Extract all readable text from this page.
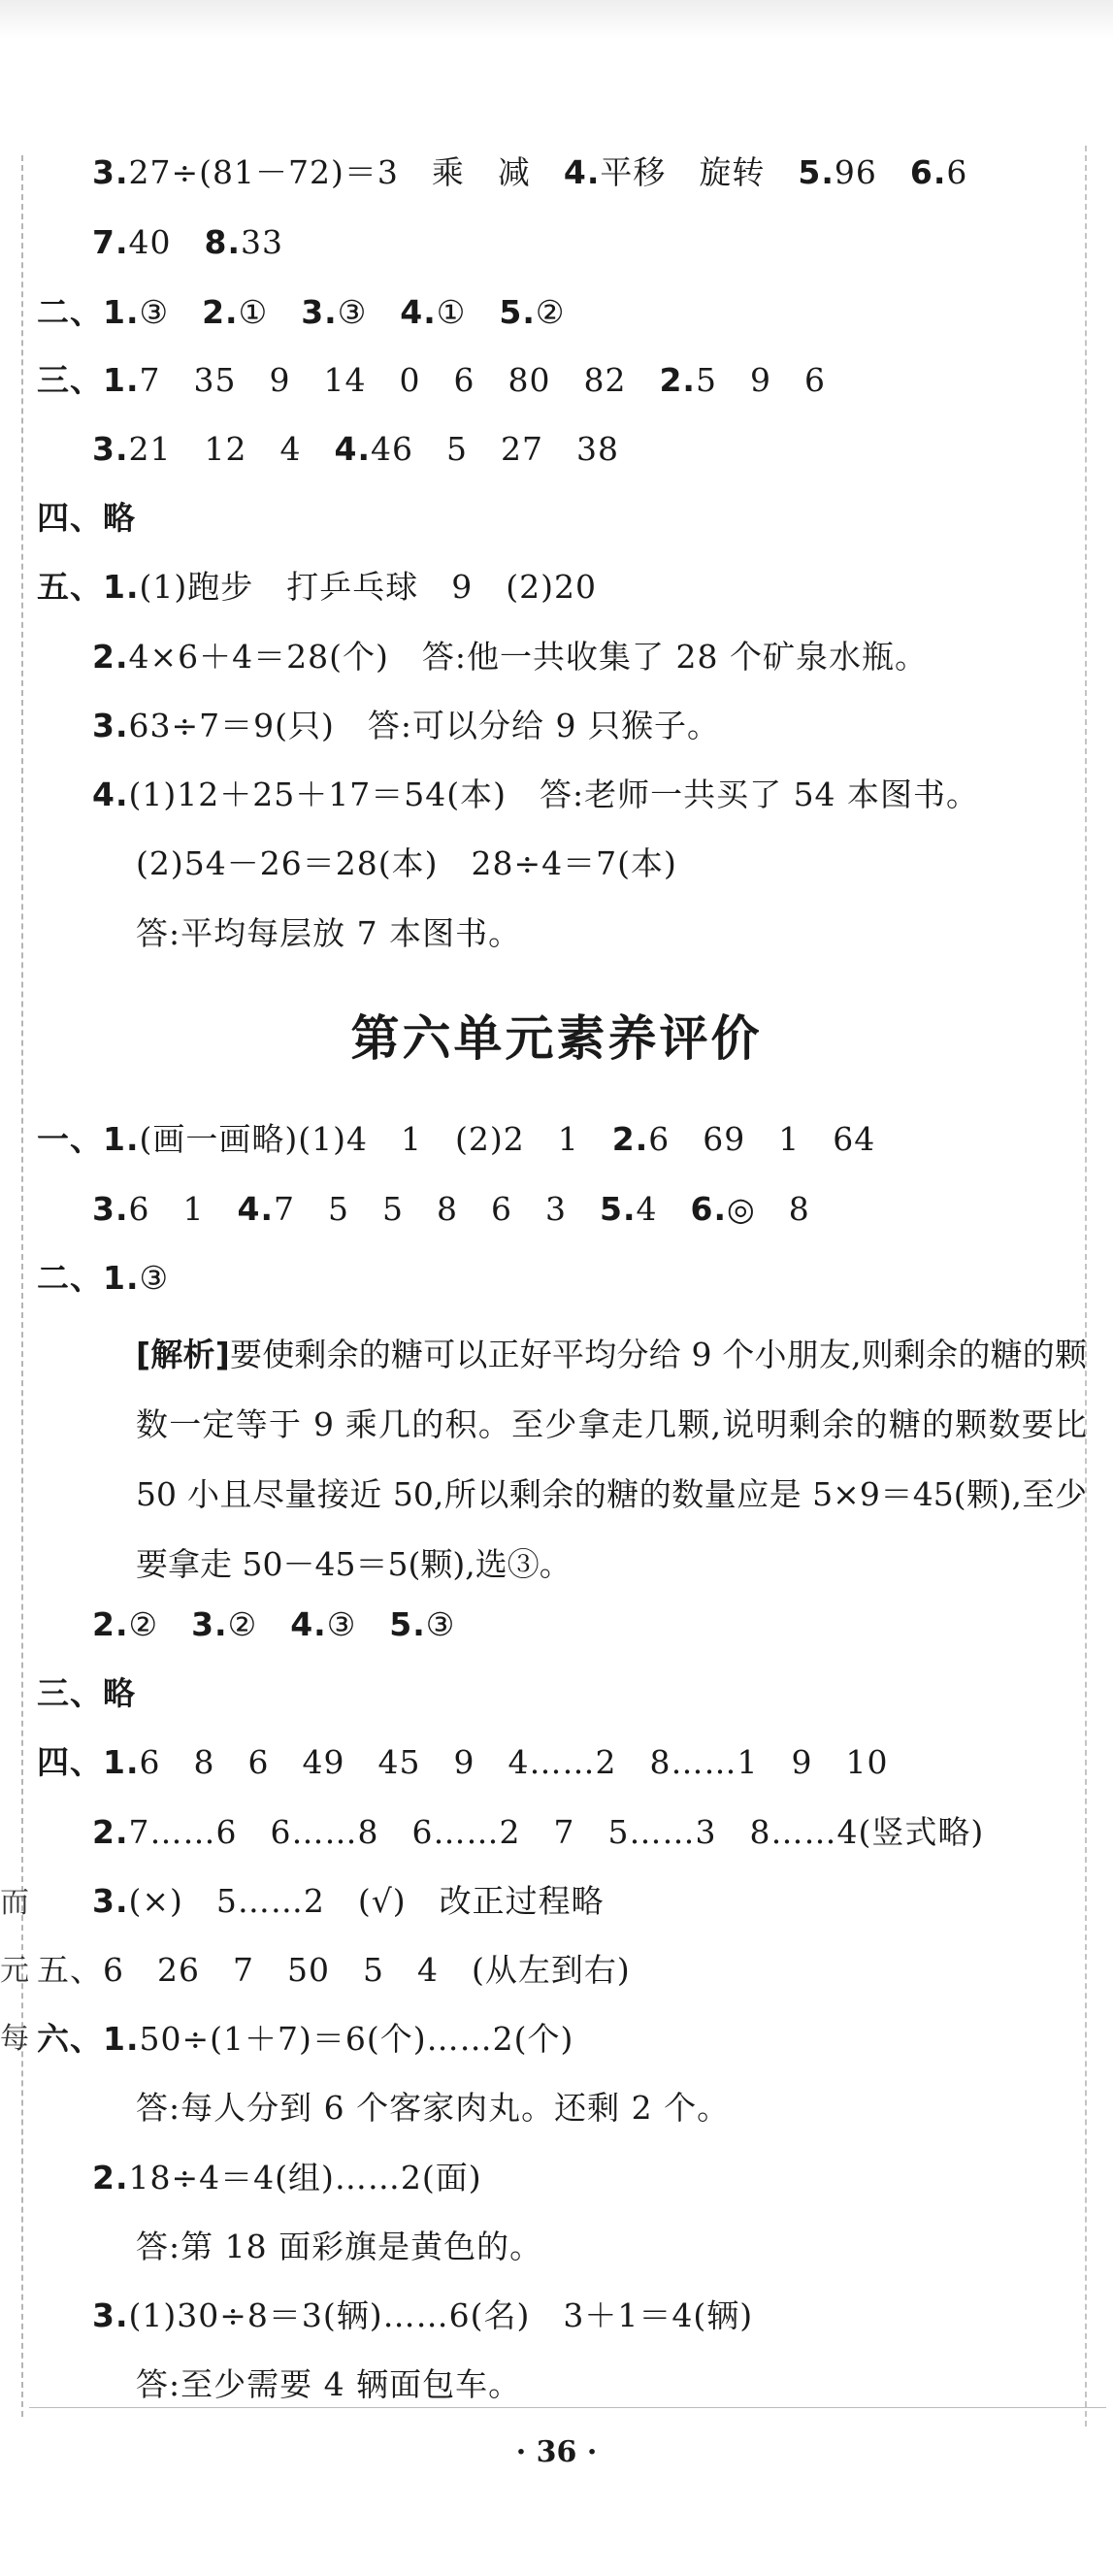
而
元
每
3.27÷(81－72)＝3　乘　减　4.平移　旋转　5.96　6.6
7.40　8.33
二、1.③　2.①　3.③　4.①　5.②
三、1.7　35　9　14　0　6　80　82　2.5　9　6
3.21　12　4　4.46　5　27　38
四、略
五、1.(1)跑步　打乒乓球　9　(2)20
2.4×6＋4＝28(个)　答:他一共收集了 28 个矿泉水瓶。
3.63÷7＝9(只)　答:可以分给 9 只猴子。
4.(1)12＋25＋17＝54(本)　答:老师一共买了 54 本图书。
(2)54－26＝28(本)　28÷4＝7(本)
答:平均每层放 7 本图书。
第六单元素养评价
一、1.(画一画略)(1)4　1　(2)2　1　2.6　69　1　64
3.6　1　4.7　5　5　8　6　3　5.4　6.◎　8
二、1.③
[解析]要使剩余的糖可以正好平均分给 9 个小朋友,则剩余的糖的颗数一定等于 9 乘几的积。至少拿走几颗,说明剩余的糖的颗数要比 50 小且尽量接近 50,所以剩余的糖的数量应是 5×9＝45(颗),至少要拿走 50－45＝5(颗),选③。
2.②　3.②　4.③　5.③
三、略
四、1.6　8　6　49　45　9　4……2　8……1　9　10
2.7……6　6……8　6……2　7　5……3　8……4(竖式略)
3.(×)　5……2　(√)　改正过程略
五、6　26　7　50　5　4　(从左到右)
六、1.50÷(1＋7)＝6(个)……2(个)
答:每人分到 6 个客家肉丸。还剩 2 个。
2.18÷4＝4(组)……2(面)
答:第 18 面彩旗是黄色的。
3.(1)30÷8＝3(辆)……6(名)　3＋1＝4(辆)
答:至少需要 4 辆面包车。
· 36 ·
